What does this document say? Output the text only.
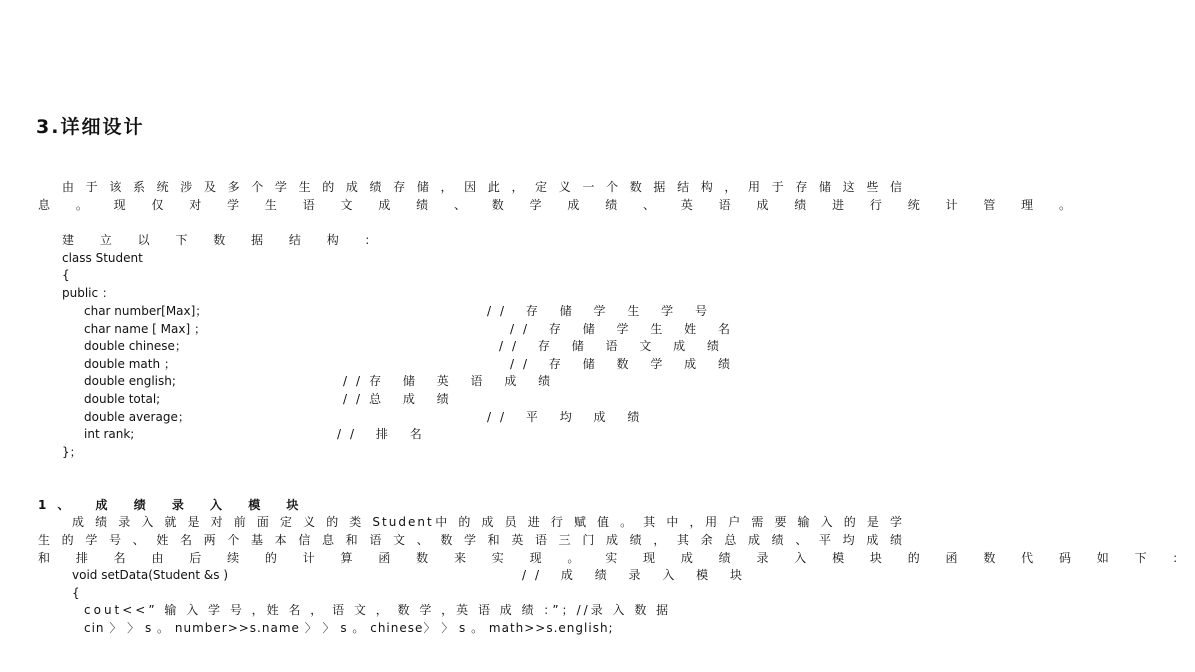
3.详细设计
由 于 该 系 统 涉 及 多 个 学 生 的 成 绩 存 储 ， 因 此 ， 定 义 一 个 数 据 结 构 ， 用 于 存 储 这 些 信
息 。 现 仅 对 学 生 语 文 成 绩 、 数 学 成 绩 、 英 语 成 绩 进 行 统 计 管 理 。
建 立 以 下 数 据 结 构 ：
class Student
{
public ：
char number[Max]；	// 存 储 学 生 学 号
char name [ Max] ；	// 存 储 学 生 姓 名
double chinese；	// 存 储 语 文 成 绩
double math ；	// 存 储 数 学 成 绩
double english;	//存 储 英 语 成 绩
double total;	//总 成 绩
double average；	// 平 均 成 绩
int rank;	// 排 名
}；
1、 成 绩 录 入 模 块
成 绩 录 入 就 是 对 前 面 定 义 的 类 Student中 的 成 员 进 行 赋 值 。 其 中 ，用 户 需 要 输 入 的 是 学
生 的 学 号 、 姓 名 两 个 基 本 信 息 和 语 文 、 数 学 和 英 语 三 门 成 绩 ， 其 余 总 成 绩 、 平 均 成 绩
和 排 名 由 后 续 的 计 算 函 数 来 实 现 。 实 现 成 绩 录 入 模 块 的 函 数 代 码 如 下 ：
void setData(Student &s )	// 成 绩 录 入 模 块
{
cout<<” 输 入 学 号 ，姓 名 ， 语 文 ， 数 学 ，英 语 成 绩 ：”；//录 入 数 据
cin 〉 〉 s 。 number>>s.name 〉 〉 s 。 chinese〉 〉 s 。 math>>s.english;
